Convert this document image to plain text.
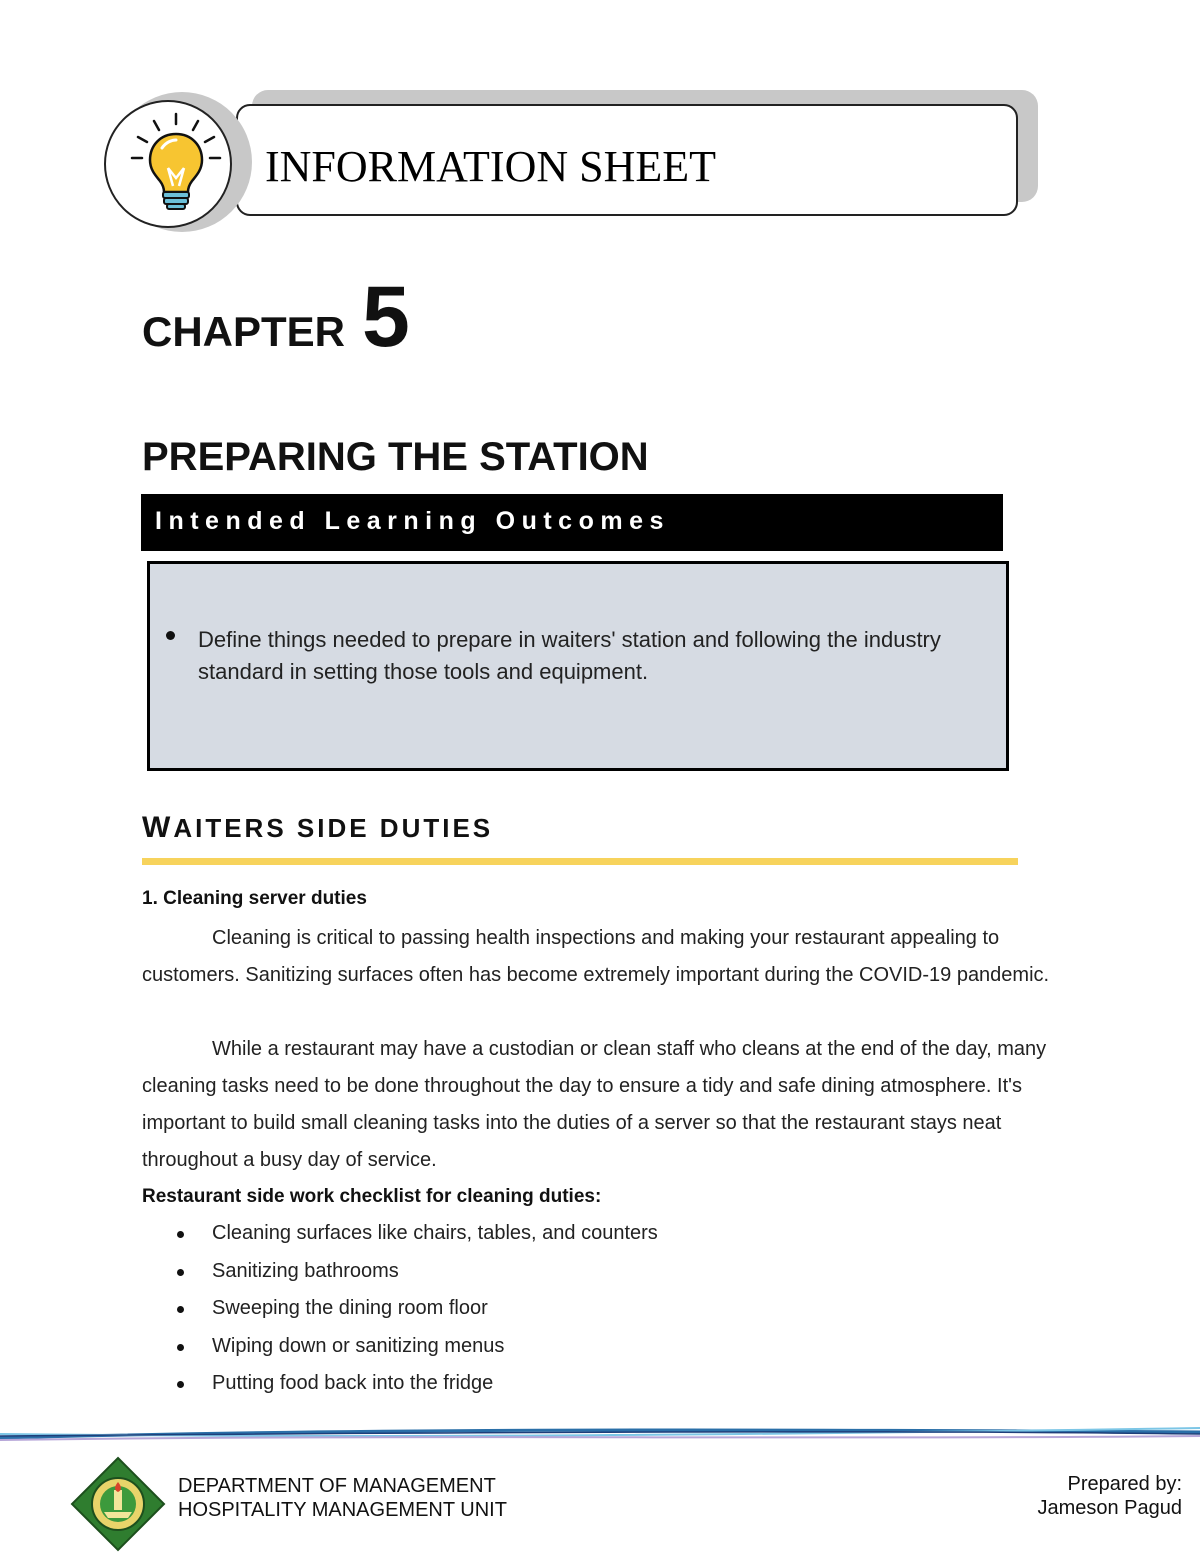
INFORMATION SHEET
CHAPTER 5
PREPARING THE STATION
Intended Learning Outcomes
Define things needed to prepare in waiters' station and following the industry standard in setting those tools and equipment.
WAITERS SIDE DUTIES
1. Cleaning server duties
Cleaning is critical to passing health inspections and making your restaurant appealing to customers. Sanitizing surfaces often has become extremely important during the COVID-19 pandemic.
While a restaurant may have a custodian or clean staff who cleans at the end of the day, many cleaning tasks need to be done throughout the day to ensure a tidy and safe dining atmosphere. It's important to build small cleaning tasks into the duties of a server so that the restaurant stays neat throughout a busy day of service.
Restaurant side work checklist for cleaning duties:
Cleaning surfaces like chairs, tables, and counters
Sanitizing bathrooms
Sweeping the dining room floor
Wiping down or sanitizing menus
Putting food back into the fridge
DEPARTMENT OF MANAGEMENT
HOSPITALITY MANAGEMENT UNIT
Prepared by:
Jameson Pagud
